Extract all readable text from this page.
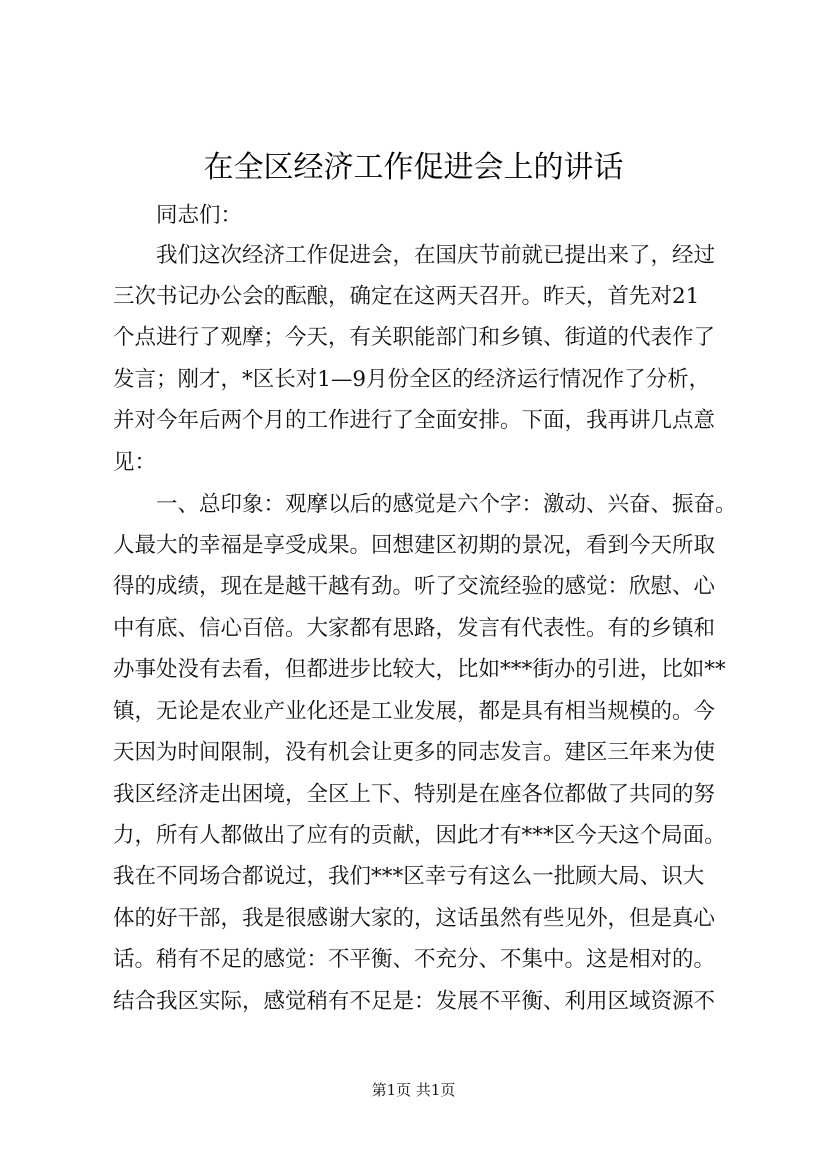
在全区经济工作促进会上的讲话

同志们：

我们这次经济工作促进会，在国庆节前就已提出来了，经过

三次书记办公会的酝酿，确定在这两天召开。昨天，首先对21

个点进行了观摩；今天，有关职能部门和乡镇、街道的代表作了

发言；刚才，*区长对1—9月份全区的经济运行情况作了分析，

并对今年后两个月的工作进行了全面安排。下面，我再讲几点意

见：

一、总印象：观摩以后的感觉是六个字：激动、兴奋、振奋。

人最大的幸福是享受成果。回想建区初期的景况，看到今天所取

得的成绩，现在是越干越有劲。听了交流经验的感觉：欣慰、心

中有底、信心百倍。大家都有思路，发言有代表性。有的乡镇和

办事处没有去看，但都进步比较大，比如***街办的引进，比如**

镇，无论是农业产业化还是工业发展，都是具有相当规模的。今

天因为时间限制，没有机会让更多的同志发言。建区三年来为使

我区经济走出困境，全区上下、特别是在座各位都做了共同的努

力，所有人都做出了应有的贡献，因此才有***区今天这个局面。

我在不同场合都说过，我们***区幸亏有这么一批顾大局、识大

体的好干部，我是很感谢大家的，这话虽然有些见外，但是真心

话。稍有不足的感觉：不平衡、不充分、不集中。这是相对的。

结合我区实际，感觉稍有不足是：发展不平衡、利用区域资源不

第1页 共1页
